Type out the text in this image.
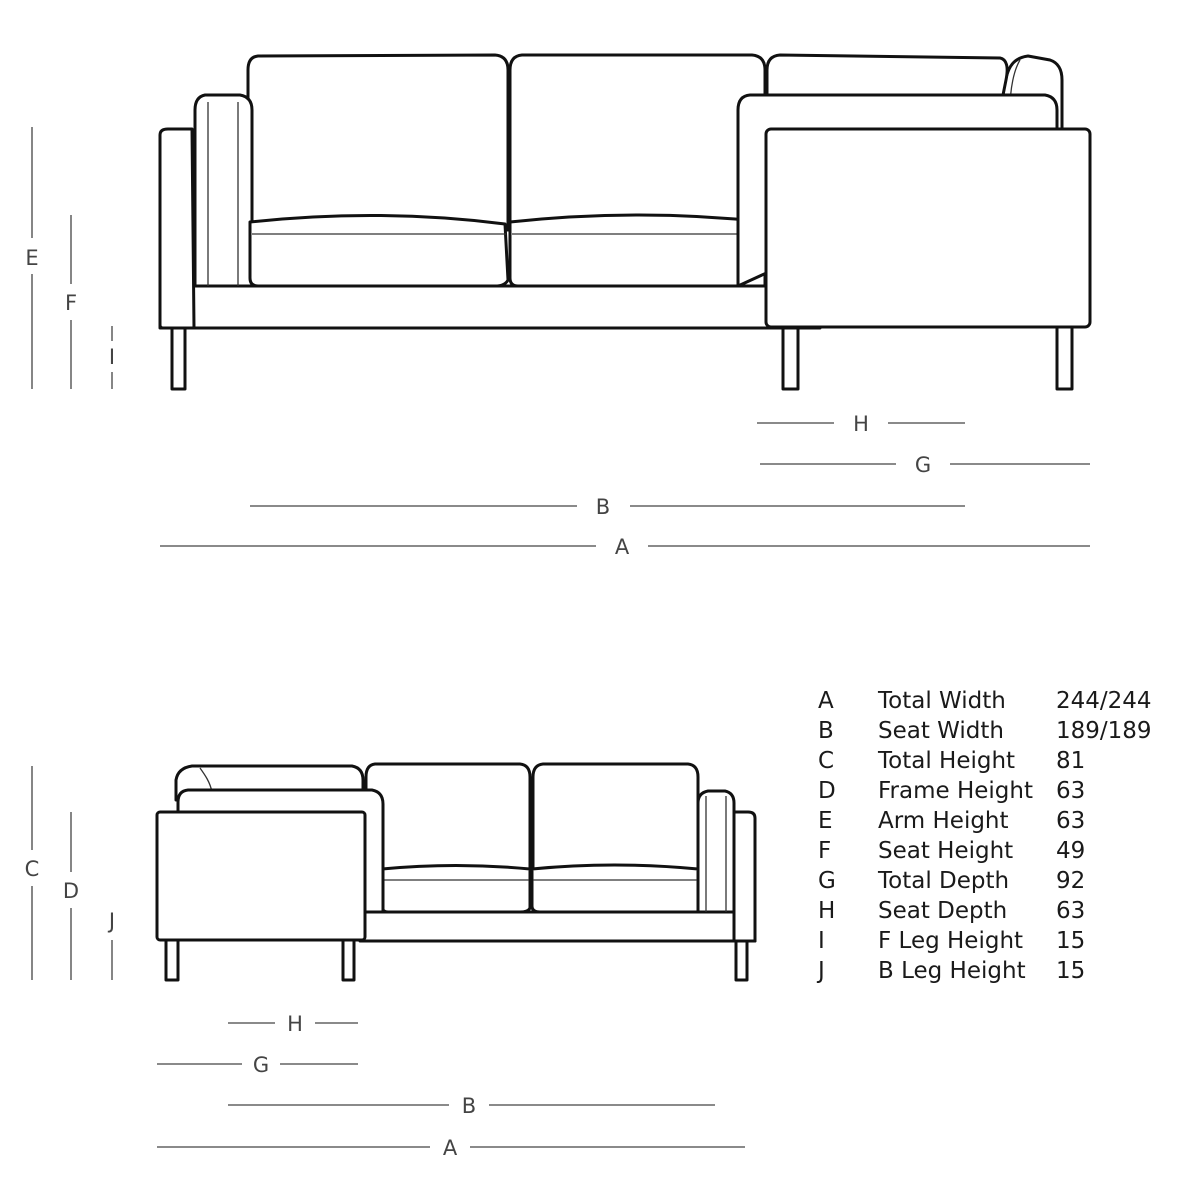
E
F
I
H
G
B
A
C
D
J
H
G
B
A
A	Total Width	244/244
B	Seat Width	189/189
C	Total Height	81
D	Frame Height	63
E	Arm Height	63
F	Seat Height	49
G	Total Depth	92
H	Seat Depth	63
I	F Leg Height	15
J	B Leg Height	15
